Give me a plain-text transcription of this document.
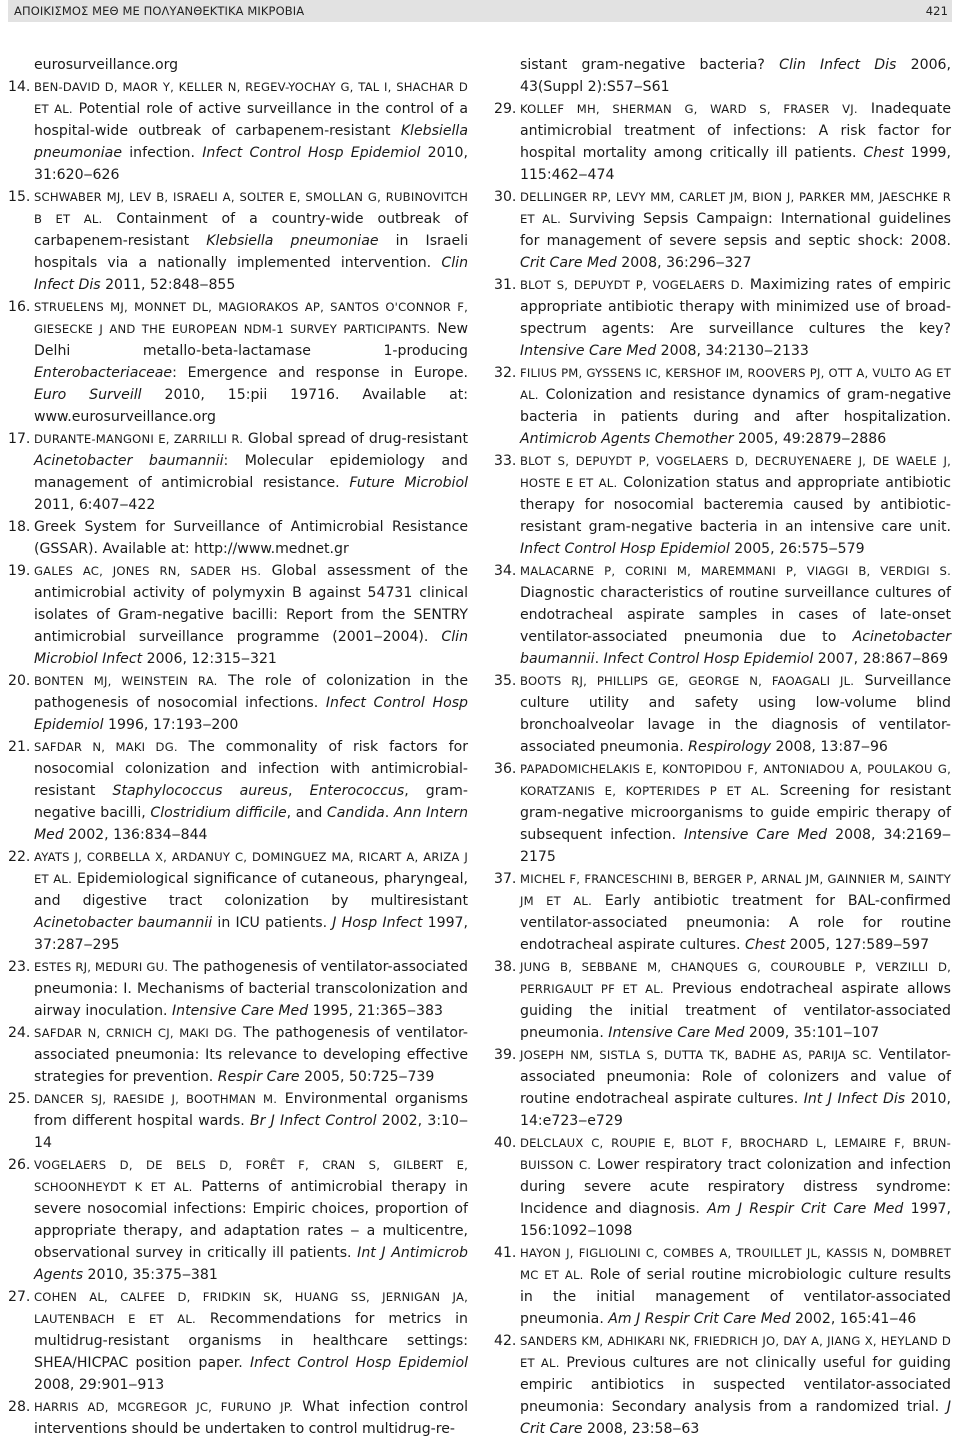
ΑΠΟΙΚΙΣΜΟΣ ΜΕΘ ΜΕ ΠΟΛΥΑΝΘΕΚΤΙΚΑ ΜΙΚΡΟΒΙΑ	421
eurosurveillance.org
14. BEN-DAVID D, MAOR Y, KELLER N, REGEV-YOCHAY G, TAL I, SHACHAR D ET AL. Potential role of active surveillance in the control of a hospital-wide outbreak of carbapenem-resistant Klebsiella pneumoniae infection. Infect Control Hosp Epidemiol 2010, 31:620‒626
15. SCHWABER MJ, LEV B, ISRAELI A, SOLTER E, SMOLLAN G, RUBINOVITCH B ET AL. Containment of a country-wide outbreak of carbapenem-resistant Klebsiella pneumoniae in Israeli hospitals via a nationally implemented intervention. Clin Infect Dis 2011, 52:848‒855
16. STRUELENS MJ, MONNET DL, MAGIORAKOS AP, SANTOS O'CONNOR F, GIESECKE J AND THE EUROPEAN NDM-1 SURVEY PARTICIPANTS. New Delhi metallo-beta-lactamase 1-producing Enterobacteriaceae: Emergence and response in Europe. Euro Surveill 2010, 15:pii 19716. Available at: www.eurosurveillance.org
17. DURANTE-MANGONI E, ZARRILLI R. Global spread of drug-resistant Acinetobacter baumannii: Molecular epidemiology and management of antimicrobial resistance. Future Microbiol 2011, 6:407‒422
18. Greek System for Surveillance of Antimicrobial Resistance (GSSAR). Available at: http://www.mednet.gr
19. GALES AC, JONES RN, SADER HS. Global assessment of the antimicrobial activity of polymyxin B against 54731 clinical isolates of Gram-negative bacilli: Report from the SENTRY antimicrobial surveillance programme (2001‒2004). Clin Microbiol Infect 2006, 12:315‒321
20. BONTEN MJ, WEINSTEIN RA. The role of colonization in the pathogenesis of nosocomial infections. Infect Control Hosp Epidemiol 1996, 17:193‒200
21. SAFDAR N, MAKI DG. The commonality of risk factors for nosocomial colonization and infection with antimicrobial-resistant Staphylococcus aureus, Enterococcus, gram-negative bacilli, Clostridium difficile, and Candida. Ann Intern Med 2002, 136:834‒844
22. AYATS J, CORBELLA X, ARDANUY C, DOMINGUEZ MA, RICART A, ARIZA J ET AL. Epidemiological significance of cutaneous, pharyngeal, and digestive tract colonization by multiresistant Acinetobacter baumannii in ICU patients. J Hosp Infect 1997, 37:287‒295
23. ESTES RJ, MEDURI GU. The pathogenesis of ventilator-associated pneumonia: I. Mechanisms of bacterial transcolonization and airway inoculation. Intensive Care Med 1995, 21:365‒383
24. SAFDAR N, CRNICH CJ, MAKI DG. The pathogenesis of ventilator-associated pneumonia: Its relevance to developing effective strategies for prevention. Respir Care 2005, 50:725‒739
25. DANCER SJ, RAESIDE J, BOOTHMAN M. Environmental organisms from different hospital wards. Br J Infect Control 2002, 3:10‒14
26. VOGELAERS D, DE BELS D, FORÊT F, CRAN S, GILBERT E, SCHOONHEYDT K ET AL. Patterns of antimicrobial therapy in severe nosocomial infections: Empiric choices, proportion of appropriate therapy, and adaptation rates ‒ a multicentre, observational survey in critically ill patients. Int J Antimicrob Agents 2010, 35:375‒381
27. COHEN AL, CALFEE D, FRIDKIN SK, HUANG SS, JERNIGAN JA, LAUTENBACH E ET AL. Recommendations for metrics in multidrug-resistant organisms in healthcare settings: SHEA/HICPAC position paper. Infect Control Hosp Epidemiol 2008, 29:901‒913
28. HARRIS AD, MCGREGOR JC, FURUNO JP. What infection control interventions should be undertaken to control multidrug-re-
sistant gram-negative bacteria? Clin Infect Dis 2006, 43(Suppl 2):S57‒S61
29. KOLLEF MH, SHERMAN G, WARD S, FRASER VJ. Inadequate antimicrobial treatment of infections: A risk factor for hospital mortality among critically ill patients. Chest 1999, 115:462‒474
30. DELLINGER RP, LEVY MM, CARLET JM, BION J, PARKER MM, JAESCHKE R ET AL. Surviving Sepsis Campaign: International guidelines for management of severe sepsis and septic shock: 2008. Crit Care Med 2008, 36:296‒327
31. BLOT S, DEPUYDT P, VOGELAERS D. Maximizing rates of empiric appropriate antibiotic therapy with minimized use of broad-spectrum agents: Are surveillance cultures the key? Intensive Care Med 2008, 34:2130‒2133
32. FILIUS PM, GYSSENS IC, KERSHOF IM, ROOVERS PJ, OTT A, VULTO AG ET AL. Colonization and resistance dynamics of gram-negative bacteria in patients during and after hospitalization. Antimicrob Agents Chemother 2005, 49:2879‒2886
33. BLOT S, DEPUYDT P, VOGELAERS D, DECRUYENAERE J, DE WAELE J, HOSTE E ET AL. Colonization status and appropriate antibiotic therapy for nosocomial bacteremia caused by antibiotic-resistant gram-negative bacteria in an intensive care unit. Infect Control Hosp Epidemiol 2005, 26:575‒579
34. MALACARNE P, CORINI M, MAREMMANI P, VIAGGI B, VERDIGI S. Diagnostic characteristics of routine surveillance cultures of endotracheal aspirate samples in cases of late-onset ventilator-associated pneumonia due to Acinetobacter baumannii. Infect Control Hosp Epidemiol 2007, 28:867‒869
35. BOOTS RJ, PHILLIPS GE, GEORGE N, FAOAGALI JL. Surveillance culture utility and safety using low-volume blind bronchoalveolar lavage in the diagnosis of ventilator-associated pneumonia. Respirology 2008, 13:87‒96
36. PAPADOMICHELAKIS E, KONTOPIDOU F, ANTONIADOU A, POULAKOU G, KORATZANIS E, KOPTERIDES P ET AL. Screening for resistant gram-negative microorganisms to guide empiric therapy of subsequent infection. Intensive Care Med 2008, 34:2169‒2175
37. MICHEL F, FRANCESCHINI B, BERGER P, ARNAL JM, GAINNIER M, SAINTY JM ET AL. Early antibiotic treatment for BAL-confirmed ventilator-associated pneumonia: A role for routine endotracheal aspirate cultures. Chest 2005, 127:589‒597
38. JUNG B, SEBBANE M, CHANQUES G, COUROUBLE P, VERZILLI D, PERRIGAULT PF ET AL. Previous endotracheal aspirate allows guiding the initial treatment of ventilator-associated pneumonia. Intensive Care Med 2009, 35:101‒107
39. JOSEPH NM, SISTLA S, DUTTA TK, BADHE AS, PARIJA SC. Ventilator-associated pneumonia: Role of colonizers and value of routine endotracheal aspirate cultures. Int J Infect Dis 2010, 14:e723‒e729
40. DELCLAUX C, ROUPIE E, BLOT F, BROCHARD L, LEMAIRE F, BRUN-BUISSON C. Lower respiratory tract colonization and infection during severe acute respiratory distress syndrome: Incidence and diagnosis. Am J Respir Crit Care Med 1997, 156:1092‒1098
41. HAYON J, FIGLIOLINI C, COMBES A, TROUILLET JL, KASSIS N, DOMBRET MC ET AL. Role of serial routine microbiologic culture results in the initial management of ventilator-associated pneumonia. Am J Respir Crit Care Med 2002, 165:41‒46
42. SANDERS KM, ADHIKARI NK, FRIEDRICH JO, DAY A, JIANG X, HEYLAND D ET AL. Previous cultures are not clinically useful for guiding empiric antibiotics in suspected ventilator-associated pneumonia: Secondary analysis from a randomized trial. J Crit Care 2008, 23:58‒63
